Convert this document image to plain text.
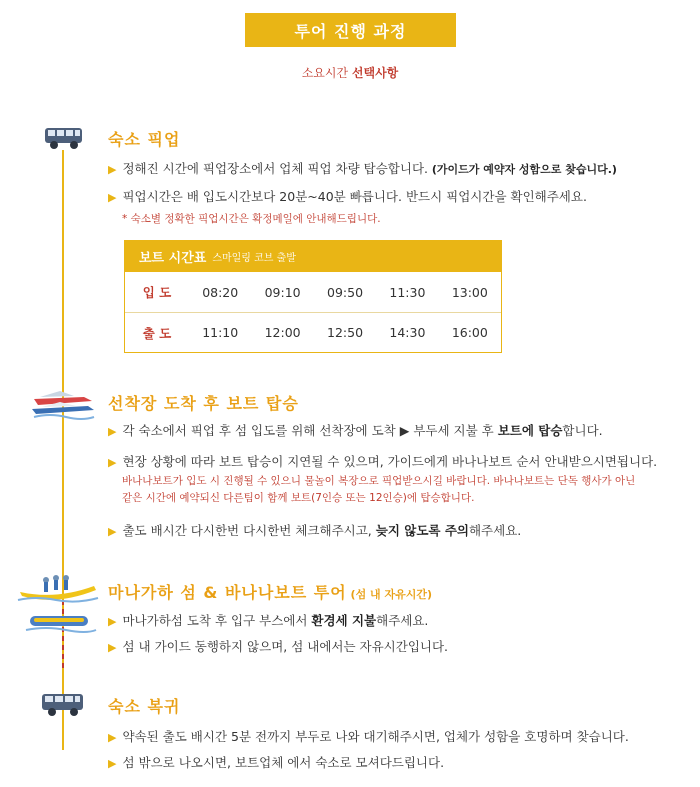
투어 진행 과정
소요시간 선택사항
숙소 픽업
▶ 정해진 시간에 픽업장소에서 업체 픽업 차량 탑승합니다. (가이드가 예약자 성함으로 찾습니다.)
▶ 픽업시간은 배 입도시간보다 20분~40분 빠릅니다. 반드시 픽업시간을 확인해주세요.
* 숙소별 정확한 픽업시간은 확정메일에 안내해드립니다.
보트 시간표 스마일링 코브 출발
입 도	08:20	09:10	09:50	11:30	13:00
출 도	11:10	12:00	12:50	14:30	16:00
선착장 도착 후 보트 탑승
▶ 각 숙소에서 픽업 후 섬 입도를 위해 선착장에 도착 ▶ 부두세 지불 후 보트에 탑승합니다.
▶ 현장 상황에 따라 보트 탑승이 지연될 수 있으며, 가이드에게 바나나보트 순서 안내받으시면됩니다.
바나나보트가 입도 시 진행될 수 있으니 물놀이 복장으로 픽업받으시길 바랍니다. 바나나보트는 단독 행사가 아닌
같은 시간에 예약되신 다른팀이 함께 보트(7인승 또는 12인승)에 탑승합니다.
▶ 출도 배시간 다시한번 다시한번 체크해주시고, 늦지 않도록 주의해주세요.
마나가하 섬 & 바나나보트 투어 (섬 내 자유시간)
▶ 마나가하섬 도착 후 입구 부스에서 환경세 지불해주세요.
▶ 섬 내 가이드 동행하지 않으며, 섬 내에서는 자유시간입니다.
숙소 복귀
▶ 약속된 출도 배시간 5분 전까지 부두로 나와 대기해주시면, 업체가 성함을 호명하며 찾습니다.
▶ 섬 밖으로 나오시면, 보트업체 에서 숙소로 모셔다드립니다.
